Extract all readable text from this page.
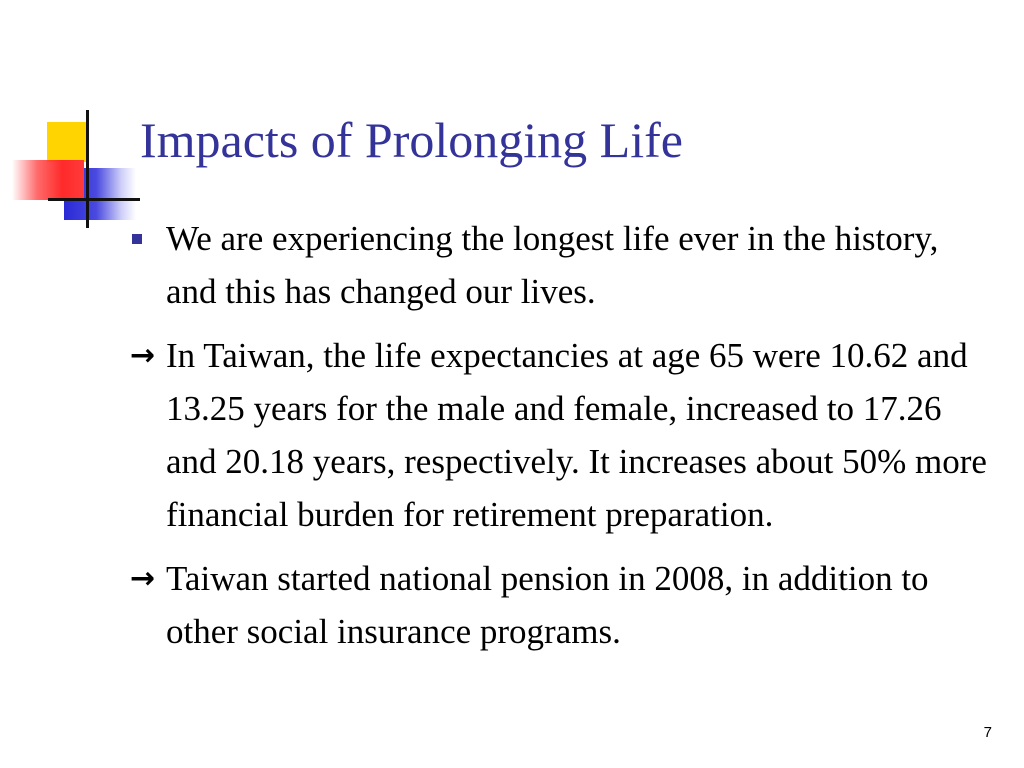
Impacts of Prolonging Life

We are experiencing the longest life ever in the history, and this has changed our lives.

→ In Taiwan, the life expectancies at age 65 were 10.62 and 13.25 years for the male and female, increased to 17.26 and 20.18 years, respectively. It increases about 50% more financial burden for retirement preparation.

→ Taiwan started national pension in 2008, in addition to other social insurance programs.

7
